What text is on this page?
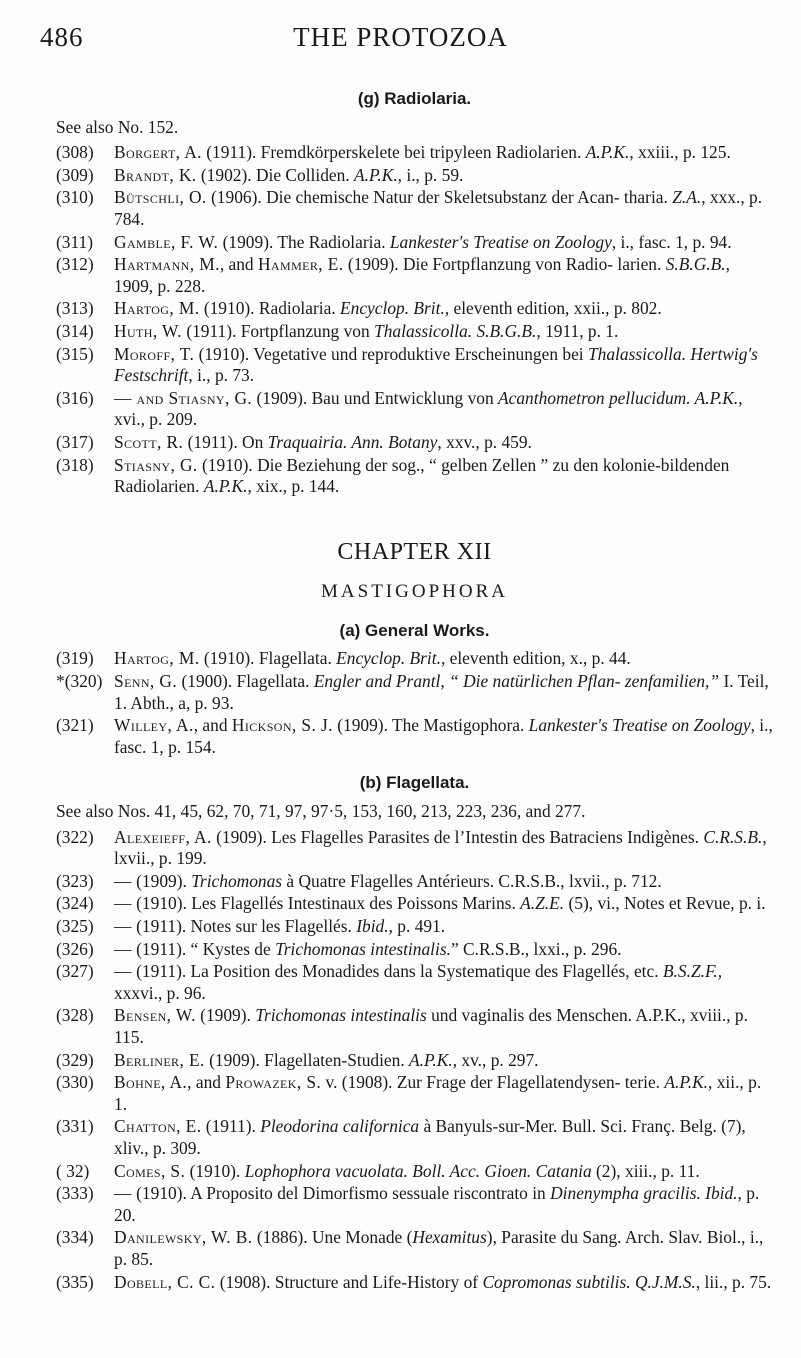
486	THE PROTOZOA
(g) Radiolaria.
See also No. 152.
(308) Borgert, A. (1911). Fremdkörperskelete bei tripyleen Radiolarien. A.P.K., xxiii., p. 125.
(309) Brandt, K. (1902). Die Colliden. A.P.K., i., p. 59.
(310) Bütschli, O. (1906). Die chemische Natur der Skeletsubstanz der Acan- tharia. Z.A., xxx., p. 784.
(311) Gamble, F. W. (1909). The Radiolaria. Lankester's Treatise on Zoology, i., fasc. 1, p. 94.
(312) Hartmann, M., and Hammer, E. (1909). Die Fortpflanzung von Radio- larien. S.B.G.B., 1909, p. 228.
(313) Hartog, M. (1910). Radiolaria. Encyclop. Brit., eleventh edition, xxii., p. 802.
(314) Huth, W. (1911). Fortpflanzung von Thalassicolla. S.B.G.B., 1911, p. 1.
(315) Moroff, T. (1910). Vegetative und reproduktive Erscheinungen bei Thalassicolla. Hertwig's Festschrift, i., p. 73.
(316) — and Stiasny, G. (1909). Bau und Entwicklung von Acanthometron pellucidum. A.P.K., xvi., p. 209.
(317) Scott, R. (1911). On Traquairia. Ann. Botany, xxv., p. 459.
(318) Stiasny, G. (1910). Die Beziehung der sog., “ gelben Zellen ” zu den kolonie-bildenden Radiolarien. A.P.K., xix., p. 144.
CHAPTER XII
MASTIGOPHORA
(a) General Works.
(319) Hartog, M. (1910). Flagellata. Encyclop. Brit., eleventh edition, x., p. 44.
*(320) Senn, G. (1900). Flagellata. Engler and Prantl, “ Die natürlichen Pflan- zenfamilien,” I. Teil, 1. Abth., a, p. 93.
(321) Willey, A., and Hickson, S. J. (1909). The Mastigophora. Lankester's Treatise on Zoology, i., fasc. 1, p. 154.
(b) Flagellata.
See also Nos. 41, 45, 62, 70, 71, 97, 97·5, 153, 160, 213, 223, 236, and 277.
(322) Alexeieff, A. (1909). Les Flagelles Parasites de l’Intestin des Batraciens Indigènes. C.R.S.B., lxvii., p. 199.
(323) — (1909). Trichomonas à Quatre Flagelles Antérieurs. C.R.S.B., lxvii., p. 712.
(324) — (1910). Les Flagellés Intestinaux des Poissons Marins. A.Z.E. (5), vi., Notes et Revue, p. i.
(325) — (1911). Notes sur les Flagellés. Ibid., p. 491.
(326) — (1911). “ Kystes de Trichomonas intestinalis.” C.R.S.B., lxxi., p. 296.
(327) — (1911). La Position des Monadides dans la Systematique des Flagellés, etc. B.S.Z.F., xxxvi., p. 96.
(328) Bensen, W. (1909). Trichomonas intestinalis und vaginalis des Menschen. A.P.K., xviii., p. 115.
(329) Berliner, E. (1909). Flagellaten-Studien. A.P.K., xv., p. 297.
(330) Bohne, A., and Prowazek, S. v. (1908). Zur Frage der Flagellatendysen- terie. A.P.K., xii., p. 1.
(331) Chatton, E. (1911). Pleodorina californica à Banyuls-sur-Mer. Bull. Sci. Franç. Belg. (7), xliv., p. 309.
( 32) Comes, S. (1910). Lophophora vacuolata. Boll. Acc. Gioen. Catania (2), xiii., p. 11.
(333) — (1910). A Proposito del Dimorfismo sessuale riscontrato in Dinenympha gracilis. Ibid., p. 20.
(334) Danilewsky, W. B. (1886). Une Monade (Hexamitus), Parasite du Sang. Arch. Slav. Biol., i., p. 85.
(335) Dobell, C. C. (1908). Structure and Life-History of Copromonas subtilis. Q.J.M.S., lii., p. 75.
